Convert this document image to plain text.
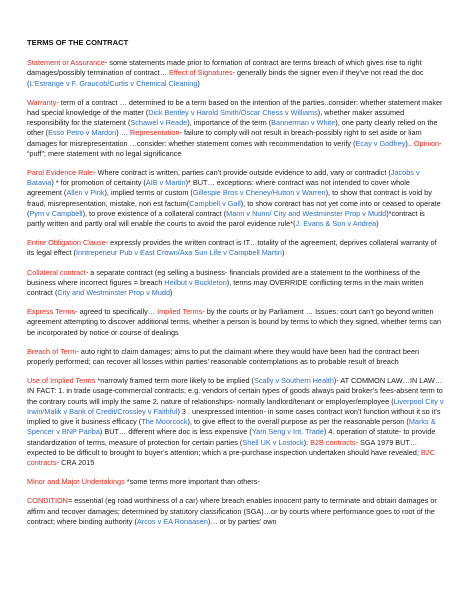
TERMS OF THE CONTRACT

Statement or Assurance- some statements made prior to formation of contract are terms breach of which gives rise to right damages/possibly termination of contract… Effect of Signatures- generally binds the signer even if they’ve not read the doc (L’Estrange v F. Graucob/Curtis v Chemical Cleaning)

Warranty- term of a contract … determined to be a term based on the intention of the parties..consider: whether statement maker had special knowledge of the matter (Dick Bentley v Harold Smith/Oscar Chess v Williams), whether maker assumed responsibility for the statement (Schawel v Reade), importance of the term (Bannerman v White), one party clearly relied on the other (Esso Petro v Mardon) … Representation- failure to comply will not result in breach-possibly right to set aside or liam damages for misrepresentation …consider: whether statement comes with recommendation to verify (Ecay v Godfrey).. Opinion- “puff”; mere statement with no legal significance

Parol Evidence Rule- Where contract is written, parties can’t provide outside evidence to add, vary or contradict (Jacobs v Batavia) * for promotion of certainty (AIB v Martin)* BUT… exceptions: where contract was not intended to cover whole agreement (Allen v Pink), implied terms or custom (Gillespie Bros v Cheney/Hutton v Warren), to show that contract is void by fraud, misrepresentation, mistake, non est factum(Campbell v Gall), to show contract has not yet come into or ceased to operate (Pym v Campbell), to prove existence of a collateral contract (Mann v Nunn/ City and Westminster Prop v Mudd)*contract is partly written and partly oral will enable the courts to avoid the parol evidence rule*(J. Evans & Son v Andrea)

Entire Obligation Clause- expressly provides the written contract is IT…totality of the agreement, deprives collateral warranty of its legal effect (Inntrepeneur Pub v East Crown/Axa Sun Life v Campbell Martin)

Collateral contract- a separate contract (eg selling a business- financials provided are a statement to the worthiness of the business where incorrect figures = breach Heilbut v Buckleton), terms may OVERRIDE conflicting terms in the main written contract (City and Westminster Prop v Mudd)

Express Terms- agreed to specifically… Implied Terms- by the courts or by Parliament … Issues: court can’t go beyond written agreement attempting to discover additional terms, whether a person is bound by terms to which they signed, whether terms can be incorporated by notice or course of dealings

Breach of Term- auto right to claim damages; aims to put the claimant where they would have been had the contract been properly performed; can recover all losses within parties’ reasonable contemplations as to probable result of breach

Use of Implied Terms *narrowly framed term more likely to be implied (Scally v Southern Health)- AT COMMON LAW…IN LAW… IN FACT: 1. in trade usage-commercial contracts; e.g. vendors of certain types of goods always paid broker’s fees-absent term to the contrary courts will imply the same 2. nature of relationships- normally landlord/tenant or employer/employee (Liverpool City v Irwin/Malik v Bank of Credit/Crossley v Faithful) 3 . unexpressed intention- in some cases contract won’t function without it so it’s implied to give it business efficacy (The Moorcock), to give effect to the overall purpose as per the reasonable person (Marks & Spencer v BNP Pariba) BUT… different where doc is less expensive (Yam Seng v Int. Trade) 4. operation of statute- to provide standardization of terms, measure of protection for certain parties (Shell UK v Lostock): B2B contracts- SGA 1979 BUT… expected to be difficult to brought to buyer’s attention; which a pre-purchase inspection undertaken should have revealed; B2C contracts- CRA 2015

Minor and Major Undertakings *some terms more important than others-

CONDITION= essential (eg road worthiness of a car) where breach enables innocent party to terminate and obtain damages or affirm and recover damages; determined by statutory classification (SGA)…or by courts where performance goes to root of the contract; where binding authority (Arcos v EA Ronaasen)… or by parties’ own
